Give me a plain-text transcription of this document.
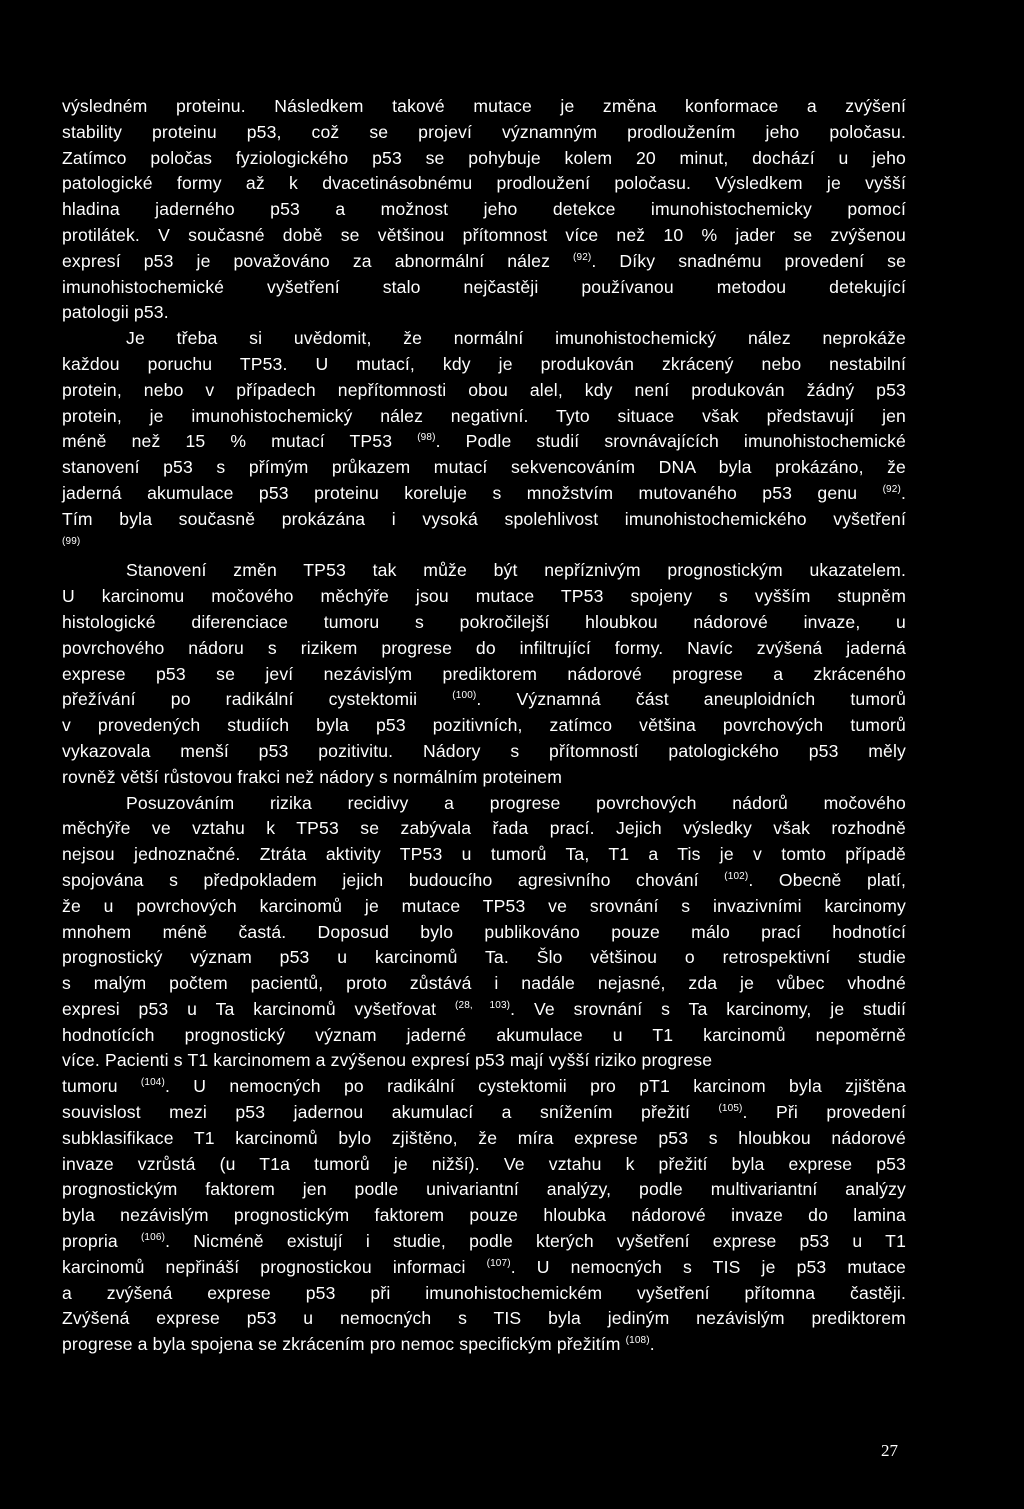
výsledném proteinu. Následkem takové mutace je změna konformace a zvýšení
stability proteinu p53, což se projeví významným prodloužením jeho poločasu.
Zatímco poločas fyziologického p53 se pohybuje kolem 20 minut, dochází u jeho
patologické formy až k dvacetinásobnému prodloužení poločasu. Výsledkem je vyšší
hladina jaderného p53 a možnost jeho detekce imunohistochemicky pomocí
protilátek. V současné době se většinou přítomnost více než 10 % jader se zvýšenou
expresí p53 je považováno za abnormální nález $^{(92)}$. Díky snadnému provedení se
imunohistochemické vyšetření stalo nejčastěji používanou metodou detekující
patologii p53.
Je třeba si uvědomit, že normální imunohistochemický nález neprokáže
každou poruchu TP53. U mutací, kdy je produkován zkrácený nebo nestabilní
protein, nebo v případech nepřítomnosti obou alel, kdy není produkován žádný p53
protein, je imunohistochemický nález negativní. Tyto situace však představují jen
méně než 15 % mutací TP53 $^{(98)}$. Podle studií srovnávajících imunohistochemické
stanovení p53 s přímým průkazem mutací sekvencováním DNA byla prokázáno, že
jaderná akumulace p53 proteinu koreluje s množstvím mutovaného p53 genu $^{(92)}$.
Tím byla současně prokázána i vysoká spolehlivost imunohistochemického vyšetření
$^{(99)}$
Stanovení změn TP53 tak může být nepříznivým prognostickým ukazatelem.
U karcinomu močového měchýře jsou mutace TP53 spojeny s vyšším stupněm
histologické diferenciace tumoru s pokročilejší hloubkou nádorové invaze, u
povrchového nádoru s rizikem progrese do infiltrující formy. Navíc zvýšená jaderná
exprese p53 se jeví nezávislým prediktorem nádorové progrese a zkráceného
přežívání po radikální cystektomii $^{(100)}$. Významná část aneuploidních tumorů
v provedených studiích byla p53 pozitivních, zatímco většina povrchových tumorů
vykazovala menší p53 pozitivitu. Nádory s přítomností patologického p53 měly
rovněž větší růstovou frakci než nádory s normálním proteinem
Posuzováním rizika recidivy a progrese povrchových nádorů močového
měchýře ve vztahu k TP53 se zabývala řada prací. Jejich výsledky však rozhodně
nejsou jednoznačné. Ztráta aktivity TP53 u tumorů Ta, T1 a Tis je v tomto případě
spojována s předpokladem jejich budoucího agresivního chování $^{(102)}$. Obecně platí,
že u povrchových karcinomů je mutace TP53 ve srovnání s invazivními karcinomy
mnohem méně častá. Doposud bylo publikováno pouze málo prací hodnotící
prognostický význam p53 u karcinomů Ta. Šlo většinou o retrospektivní studie
s malým počtem pacientů, proto zůstává i nadále nejasné, zda je vůbec vhodné
expresi p53 u Ta karcinomů vyšetřovat $^{(28, 103)}$. Ve srovnání s Ta karcinomy, je studií
hodnotících prognostický význam jaderné akumulace u T1 karcinomů nepoměrně
více. Pacienti s T1 karcinomem a zvýšenou expresí p53 mají vyšší riziko progrese
tumoru $^{(104)}$. U nemocných po radikální cystektomii pro pT1 karcinom byla zjištěna
souvislost mezi p53 jadernou akumulací a snížením přežití $^{(105)}$. Při provedení
subklasifikace T1 karcinomů bylo zjištěno, že míra exprese p53 s hloubkou nádorové
invaze vzrůstá (u T1a tumorů je nižší). Ve vztahu k přežití byla exprese p53
prognostickým faktorem jen podle univariantní analýzy, podle multivariantní analýzy
byla nezávislým prognostickým faktorem pouze hloubka nádorové invaze do lamina
propria $^{(106)}$. Nicméně existují i studie, podle kterých vyšetření exprese p53 u T1
karcinomů nepřináší prognostickou informaci $^{(107)}$. U nemocných s TIS je p53 mutace
a zvýšená exprese p53 při imunohistochemickém vyšetření přítomna častěji.
Zvýšená exprese p53 u nemocných s TIS byla jediným nezávislým prediktorem
progrese a byla spojena se zkrácením pro nemoc specifickým přežitím $^{(108)}$.
27
